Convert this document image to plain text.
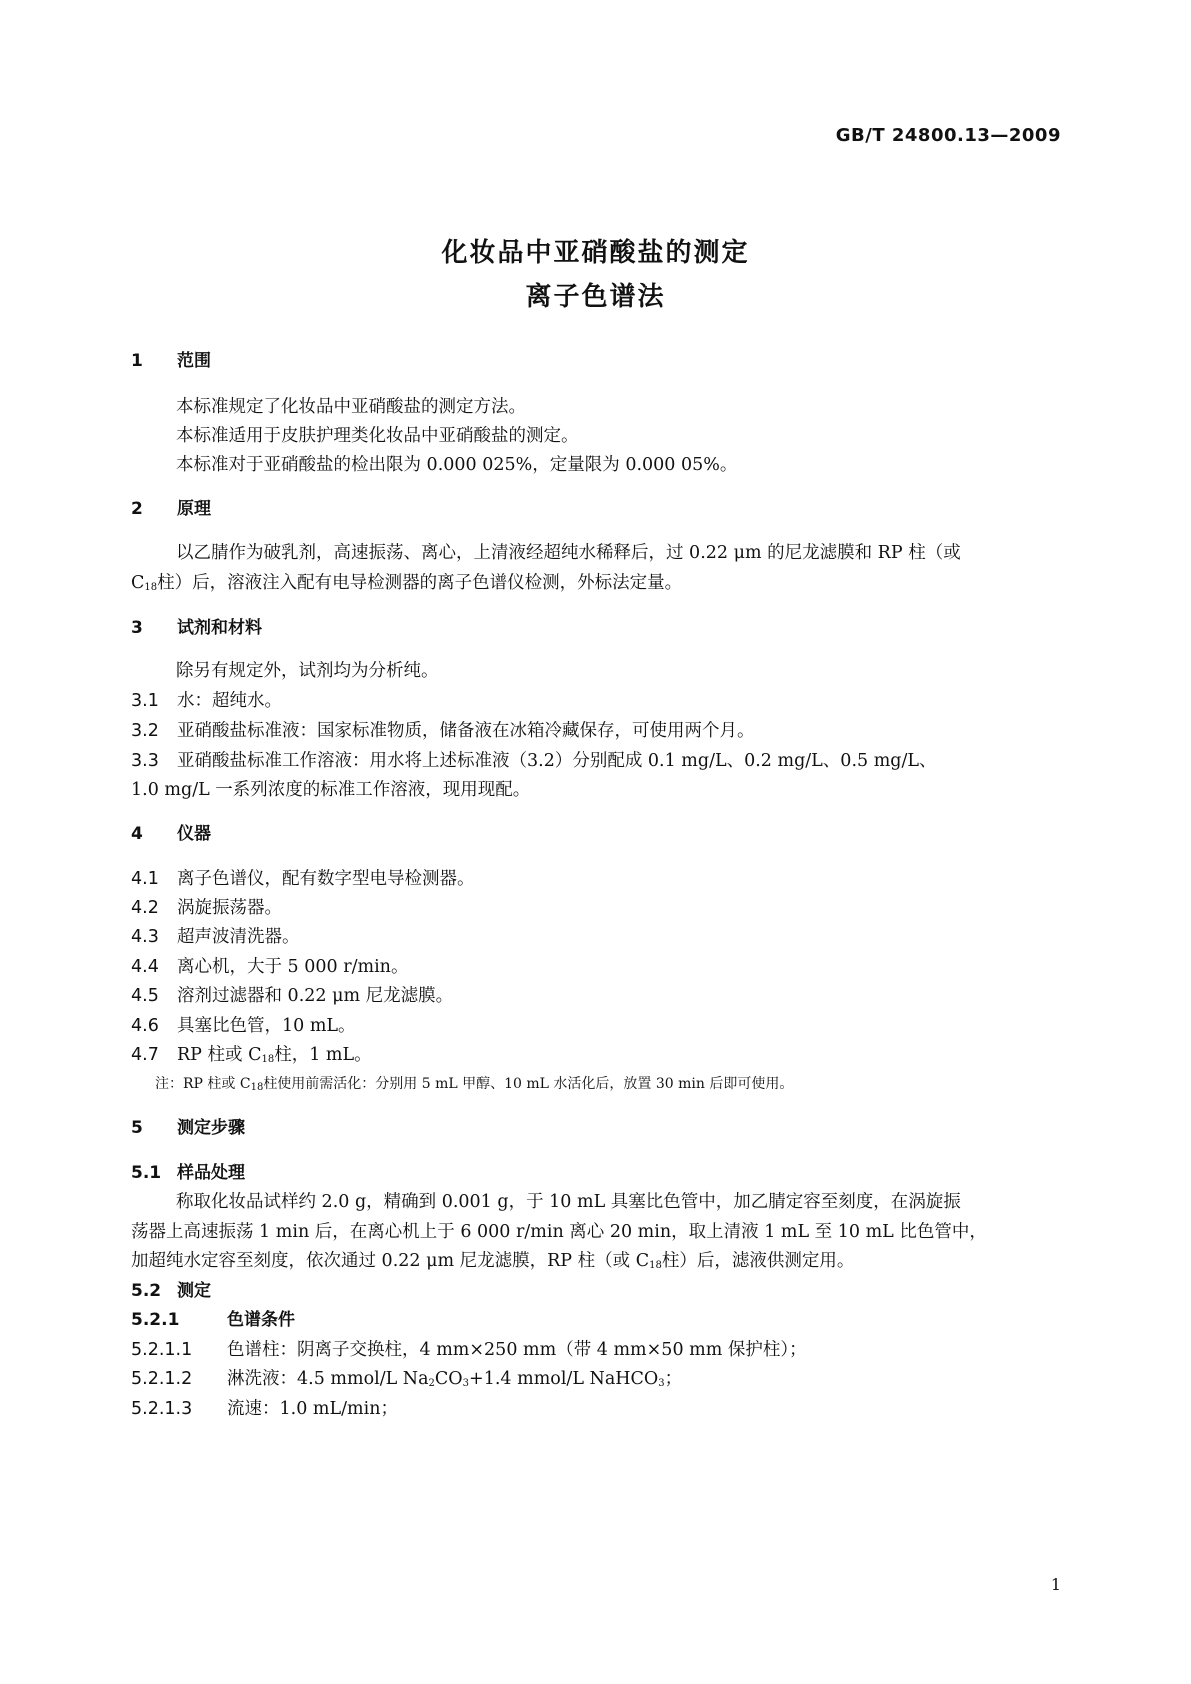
GB/T 24800.13—2009
化妆品中亚硝酸盐的测定
离子色谱法
1 范围
本标准规定了化妆品中亚硝酸盐的测定方法。
本标准适用于皮肤护理类化妆品中亚硝酸盐的测定。
本标准对于亚硝酸盐的检出限为 0.000 025%，定量限为 0.000 05%。
2 原理
以乙腈作为破乳剂，高速振荡、离心，上清液经超纯水稀释后，过 0.22 μm 的尼龙滤膜和 RP 柱（或
$C_{18}$柱）后，溶液注入配有电导检测器的离子色谱仪检测，外标法定量。
3 试剂和材料
除另有规定外，试剂均为分析纯。
3.1 水：超纯水。
3.2 亚硝酸盐标准液：国家标准物质，储备液在冰箱冷藏保存，可使用两个月。
3.3 亚硝酸盐标准工作溶液：用水将上述标准液（3.2）分别配成 0.1 mg/L、0.2 mg/L、0.5 mg/L、
1.0 mg/L 一系列浓度的标准工作溶液，现用现配。
4 仪器
4.1 离子色谱仪，配有数字型电导检测器。
4.2 涡旋振荡器。
4.3 超声波清洗器。
4.4 离心机，大于 5 000 r/min。
4.5 溶剂过滤器和 0.22 μm 尼龙滤膜。
4.6 具塞比色管，10 mL。
4.7 RP 柱或 $C_{18}$柱，1 mL。
注：RP 柱或 $C_{18}$柱使用前需活化：分别用 5 mL 甲醇、10 mL 水活化后，放置 30 min 后即可使用。
5 测定步骤
5.1 样品处理
称取化妆品试样约 2.0 g，精确到 0.001 g，于 10 mL 具塞比色管中，加乙腈定容至刻度，在涡旋振
荡器上高速振荡 1 min 后，在离心机上于 6 000 r/min 离心 20 min，取上清液 1 mL 至 10 mL 比色管中，
加超纯水定容至刻度，依次通过 0.22 μm 尼龙滤膜，RP 柱（或 $C_{18}$柱）后，滤液供测定用。
5.2 测定
5.2.1	色谱条件
5.2.1.1 色谱柱：阴离子交换柱，4 mm×250 mm（带 4 mm×50 mm 保护柱）；
5.2.1.2 淋洗液：4.5 mmol/L $Na_2CO_3+1.4$ mmol/L NaHCO$_3$；
5.2.1.3 流速：1.0 mL/min；
1
